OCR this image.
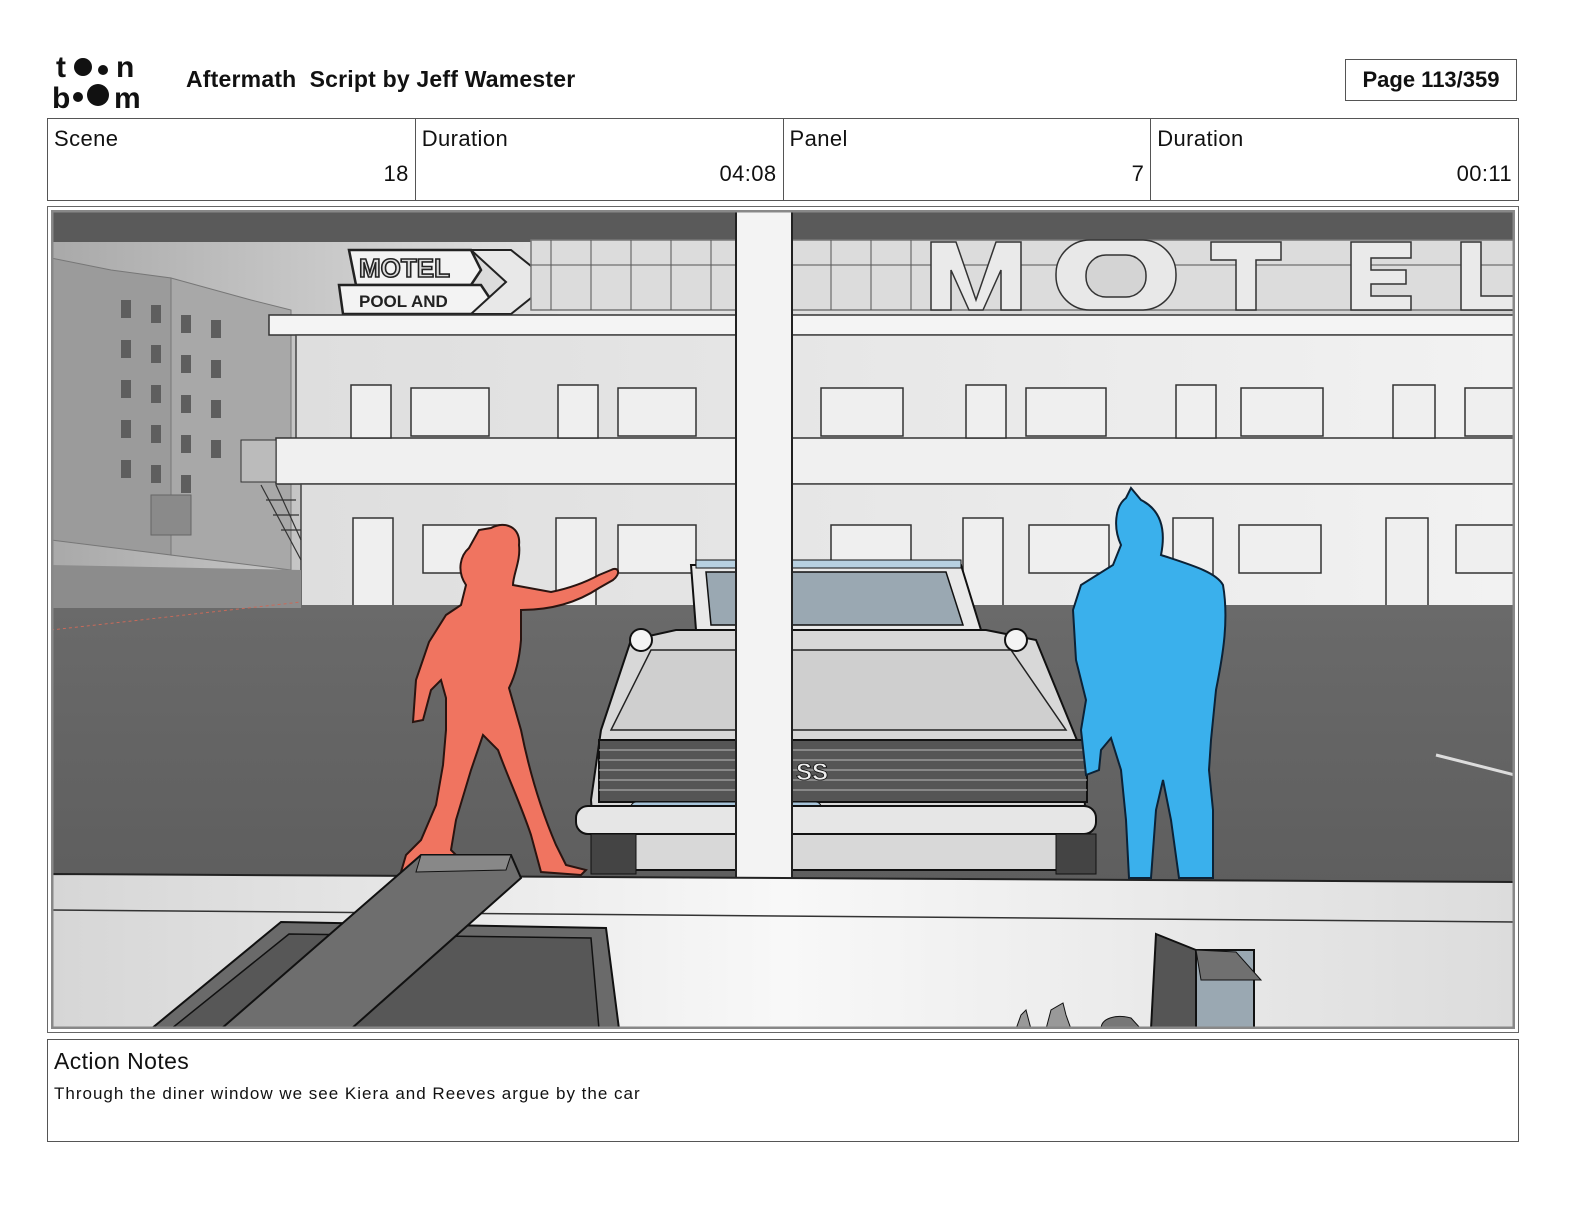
t n
b m
Aftermath  Script by Jeff Wamester	Page 113/359
Scene
18
Duration
04:08
Panel
7
Duration
00:11
MOTEL
POOL AND
SS
Action Notes
Through the diner window we see Kiera and Reeves argue by the car
